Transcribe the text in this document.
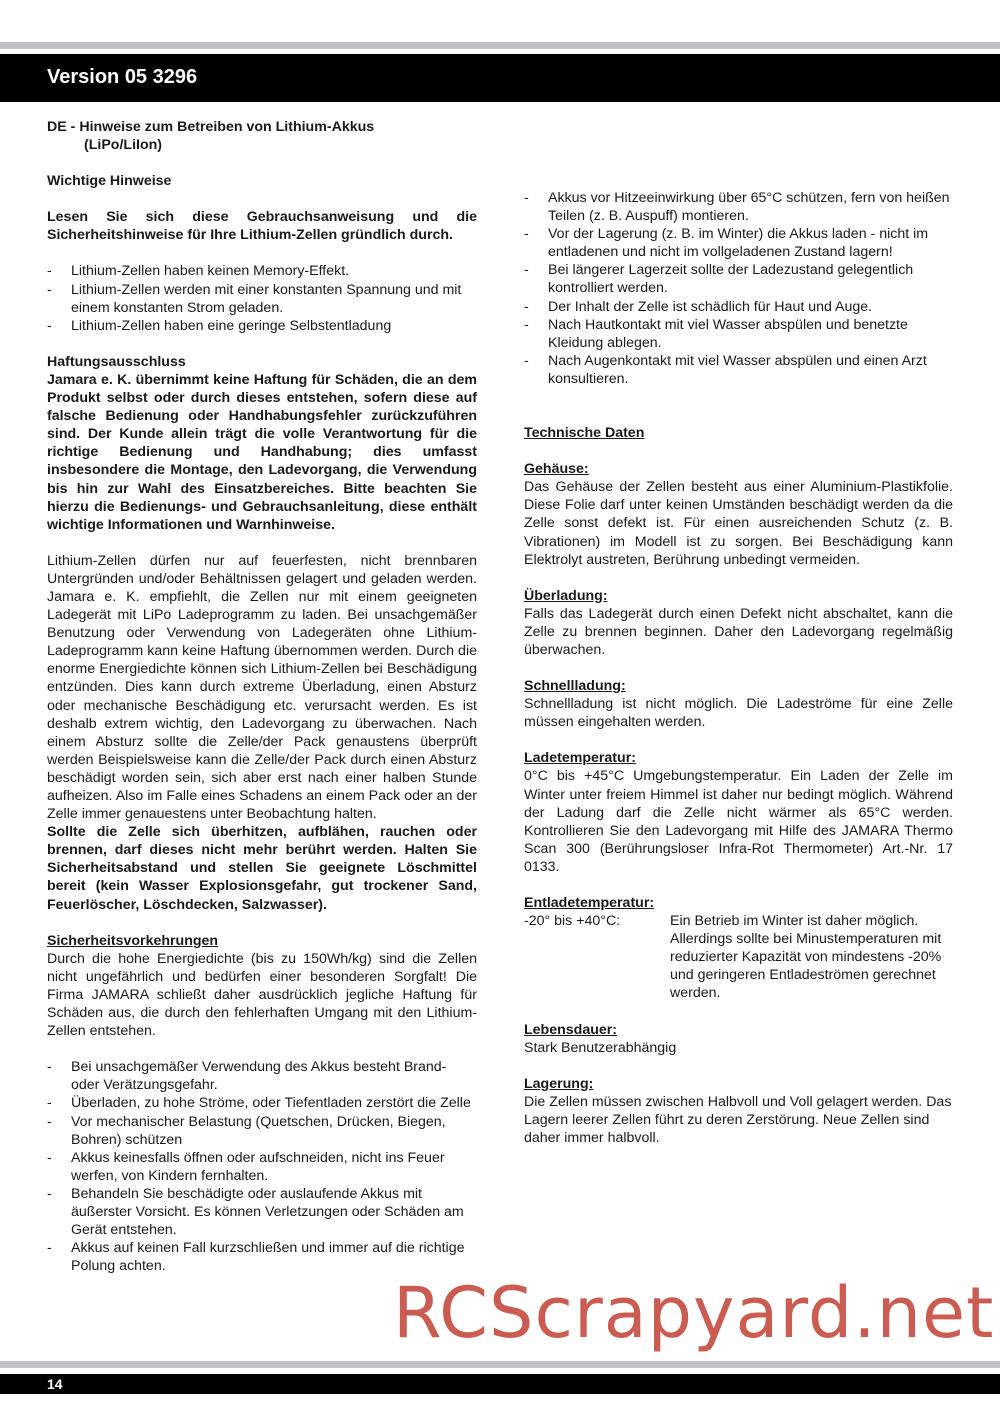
Version 05 3296
DE - Hinweise zum Betreiben von Lithium-Akkus
(LiPo/LiIon)

Wichtige Hinweise

Lesen Sie sich diese Gebrauchsanweisung und die Sicherheitshinweise für Ihre Lithium-Zellen gründlich durch.

- Lithium-Zellen haben keinen Memory-Effekt.
- Lithium-Zellen werden mit einer konstanten Spannung und mit einem konstanten Strom geladen.
- Lithium-Zellen haben eine geringe Selbstentladung

Haftungsausschluss

Jamara e. K. übernimmt keine Haftung für Schäden, die an dem Produkt selbst oder durch dieses entstehen, sofern diese auf falsche Bedienung oder Handhabungsfehler zurückzuführen sind. Der Kunde allein trägt die volle Verantwortung für die richtige Bedienung und Handhabung; dies umfasst insbesondere die Montage, den Ladevorgang, die Verwendung bis hin zur Wahl des Einsatzbereiches. Bitte beachten Sie hierzu die Bedienungs- und Gebrauchsanleitung, diese enthält wichtige Informationen und Warnhinweise.

Lithium-Zellen dürfen nur auf feuerfesten, nicht brennbaren Untergründen und/oder Behältnissen gelagert und geladen werden. Jamara e. K. empfiehlt, die Zellen nur mit einem geeigneten Ladegerät mit LiPo Ladeprogramm zu laden. Bei unsachgemäßer Benutzung oder Verwendung von Ladegeräten ohne Lithium-Ladeprogramm kann keine Haftung übernommen werden. Durch die enorme Energiedichte können sich Lithium-Zellen bei Beschädigung entzünden. Dies kann durch extreme Überladung, einen Absturz oder mechanische Beschädigung etc. verursacht werden. Es ist deshalb extrem wichtig, den Ladevorgang zu überwachen. Nach einem Absturz sollte die Zelle/der Pack genaustens überprüft werden Beispielsweise kann die Zelle/der Pack durch einen Absturz beschädigt worden sein, sich aber erst nach einer halben Stunde aufheizen. Also im Falle eines Schadens an einem Pack oder an der Zelle immer genauestens unter Beobachtung halten.

Sollte die Zelle sich überhitzen, aufblähen, rauchen oder brennen, darf dieses nicht mehr berührt werden. Halten Sie Sicherheitsabstand und stellen Sie geeignete Löschmittel bereit (kein Wasser Explosionsgefahr, gut trockener Sand, Feuerlöscher, Löschdecken, Salzwasser).

Sicherheitsvorkehrungen

Durch die hohe Energiedichte (bis zu 150Wh/kg) sind die Zellen nicht ungefährlich und bedürfen einer besonderen Sorgfalt! Die Firma JAMARA schließt daher ausdrücklich jegliche Haftung für Schäden aus, die durch den fehlerhaften Umgang mit den Lithium-Zellen entstehen.

- Bei unsachgemäßer Verwendung des Akkus besteht Brand- oder Verätzungsgefahr.
- Überladen, zu hohe Ströme, oder Tiefentladen zerstört die Zelle
- Vor mechanischer Belastung (Quetschen, Drücken, Biegen, Bohren) schützen
- Akkus keinesfalls öffnen oder aufschneiden, nicht ins Feuer werfen, von Kindern fernhalten.
- Behandeln Sie beschädigte oder auslaufende Akkus mit äußerster Vorsicht. Es können Verletzungen oder Schäden am Gerät entstehen.
- Akkus auf keinen Fall kurzschließen und immer auf die richtige Polung achten.
- Akkus vor Hitzeeinwirkung über 65°C schützen, fern von heißen Teilen (z. B. Auspuff) montieren.
- Vor der Lagerung (z. B. im Winter) die Akkus laden - nicht im entladenen und nicht im vollgeladenen Zustand lagern!
- Bei längerer Lagerzeit sollte der Ladezustand gelegentlich kontrolliert werden.
- Der Inhalt der Zelle ist schädlich für Haut und Auge.
- Nach Hautkontakt mit viel Wasser abspülen und benetzte Kleidung ablegen.
- Nach Augenkontakt mit viel Wasser abspülen und einen Arzt konsultieren.

Technische Daten

Gehäuse:

Das Gehäuse der Zellen besteht aus einer Aluminium-Plastikfolie. Diese Folie darf unter keinen Umständen beschädigt werden da die Zelle sonst defekt ist. Für einen ausreichenden Schutz (z. B. Vibrationen) im Modell ist zu sorgen. Bei Beschädigung kann Elektrolyt austreten, Berührung unbedingt vermeiden.

Überladung:

Falls das Ladegerät durch einen Defekt nicht abschaltet, kann die Zelle zu brennen beginnen. Daher den Ladevorgang regelmäßig überwachen.

Schnellladung:

Schnellladung ist nicht möglich. Die Ladeströme für eine Zelle müssen eingehalten werden.

Ladetemperatur:

0°C bis +45°C Umgebungstemperatur. Ein Laden der Zelle im Winter unter freiem Himmel ist daher nur bedingt möglich. Während der Ladung darf die Zelle nicht wärmer als 65°C werden. Kontrollieren Sie den Ladevorgang mit Hilfe des JAMARA Thermo Scan 300 (Berührungsloser Infra-Rot Thermometer) Art.-Nr. 17 0133.

Entladetemperatur:

-20° bis +40°C:	Ein Betrieb im Winter ist daher möglich. Allerdings sollte bei Minustemperaturen mit reduzierter Kapazität von mindestens -20% und geringeren Entladeströmen gerechnet werden.

Lebensdauer:

Stark Benutzerabhängig

Lagerung:

Die Zellen müssen zwischen Halbvoll und Voll gelagert werden. Das Lagern leerer Zellen führt zu deren Zerstörung. Neue Zellen sind daher immer halbvoll.

RCScrapyard.net
14
